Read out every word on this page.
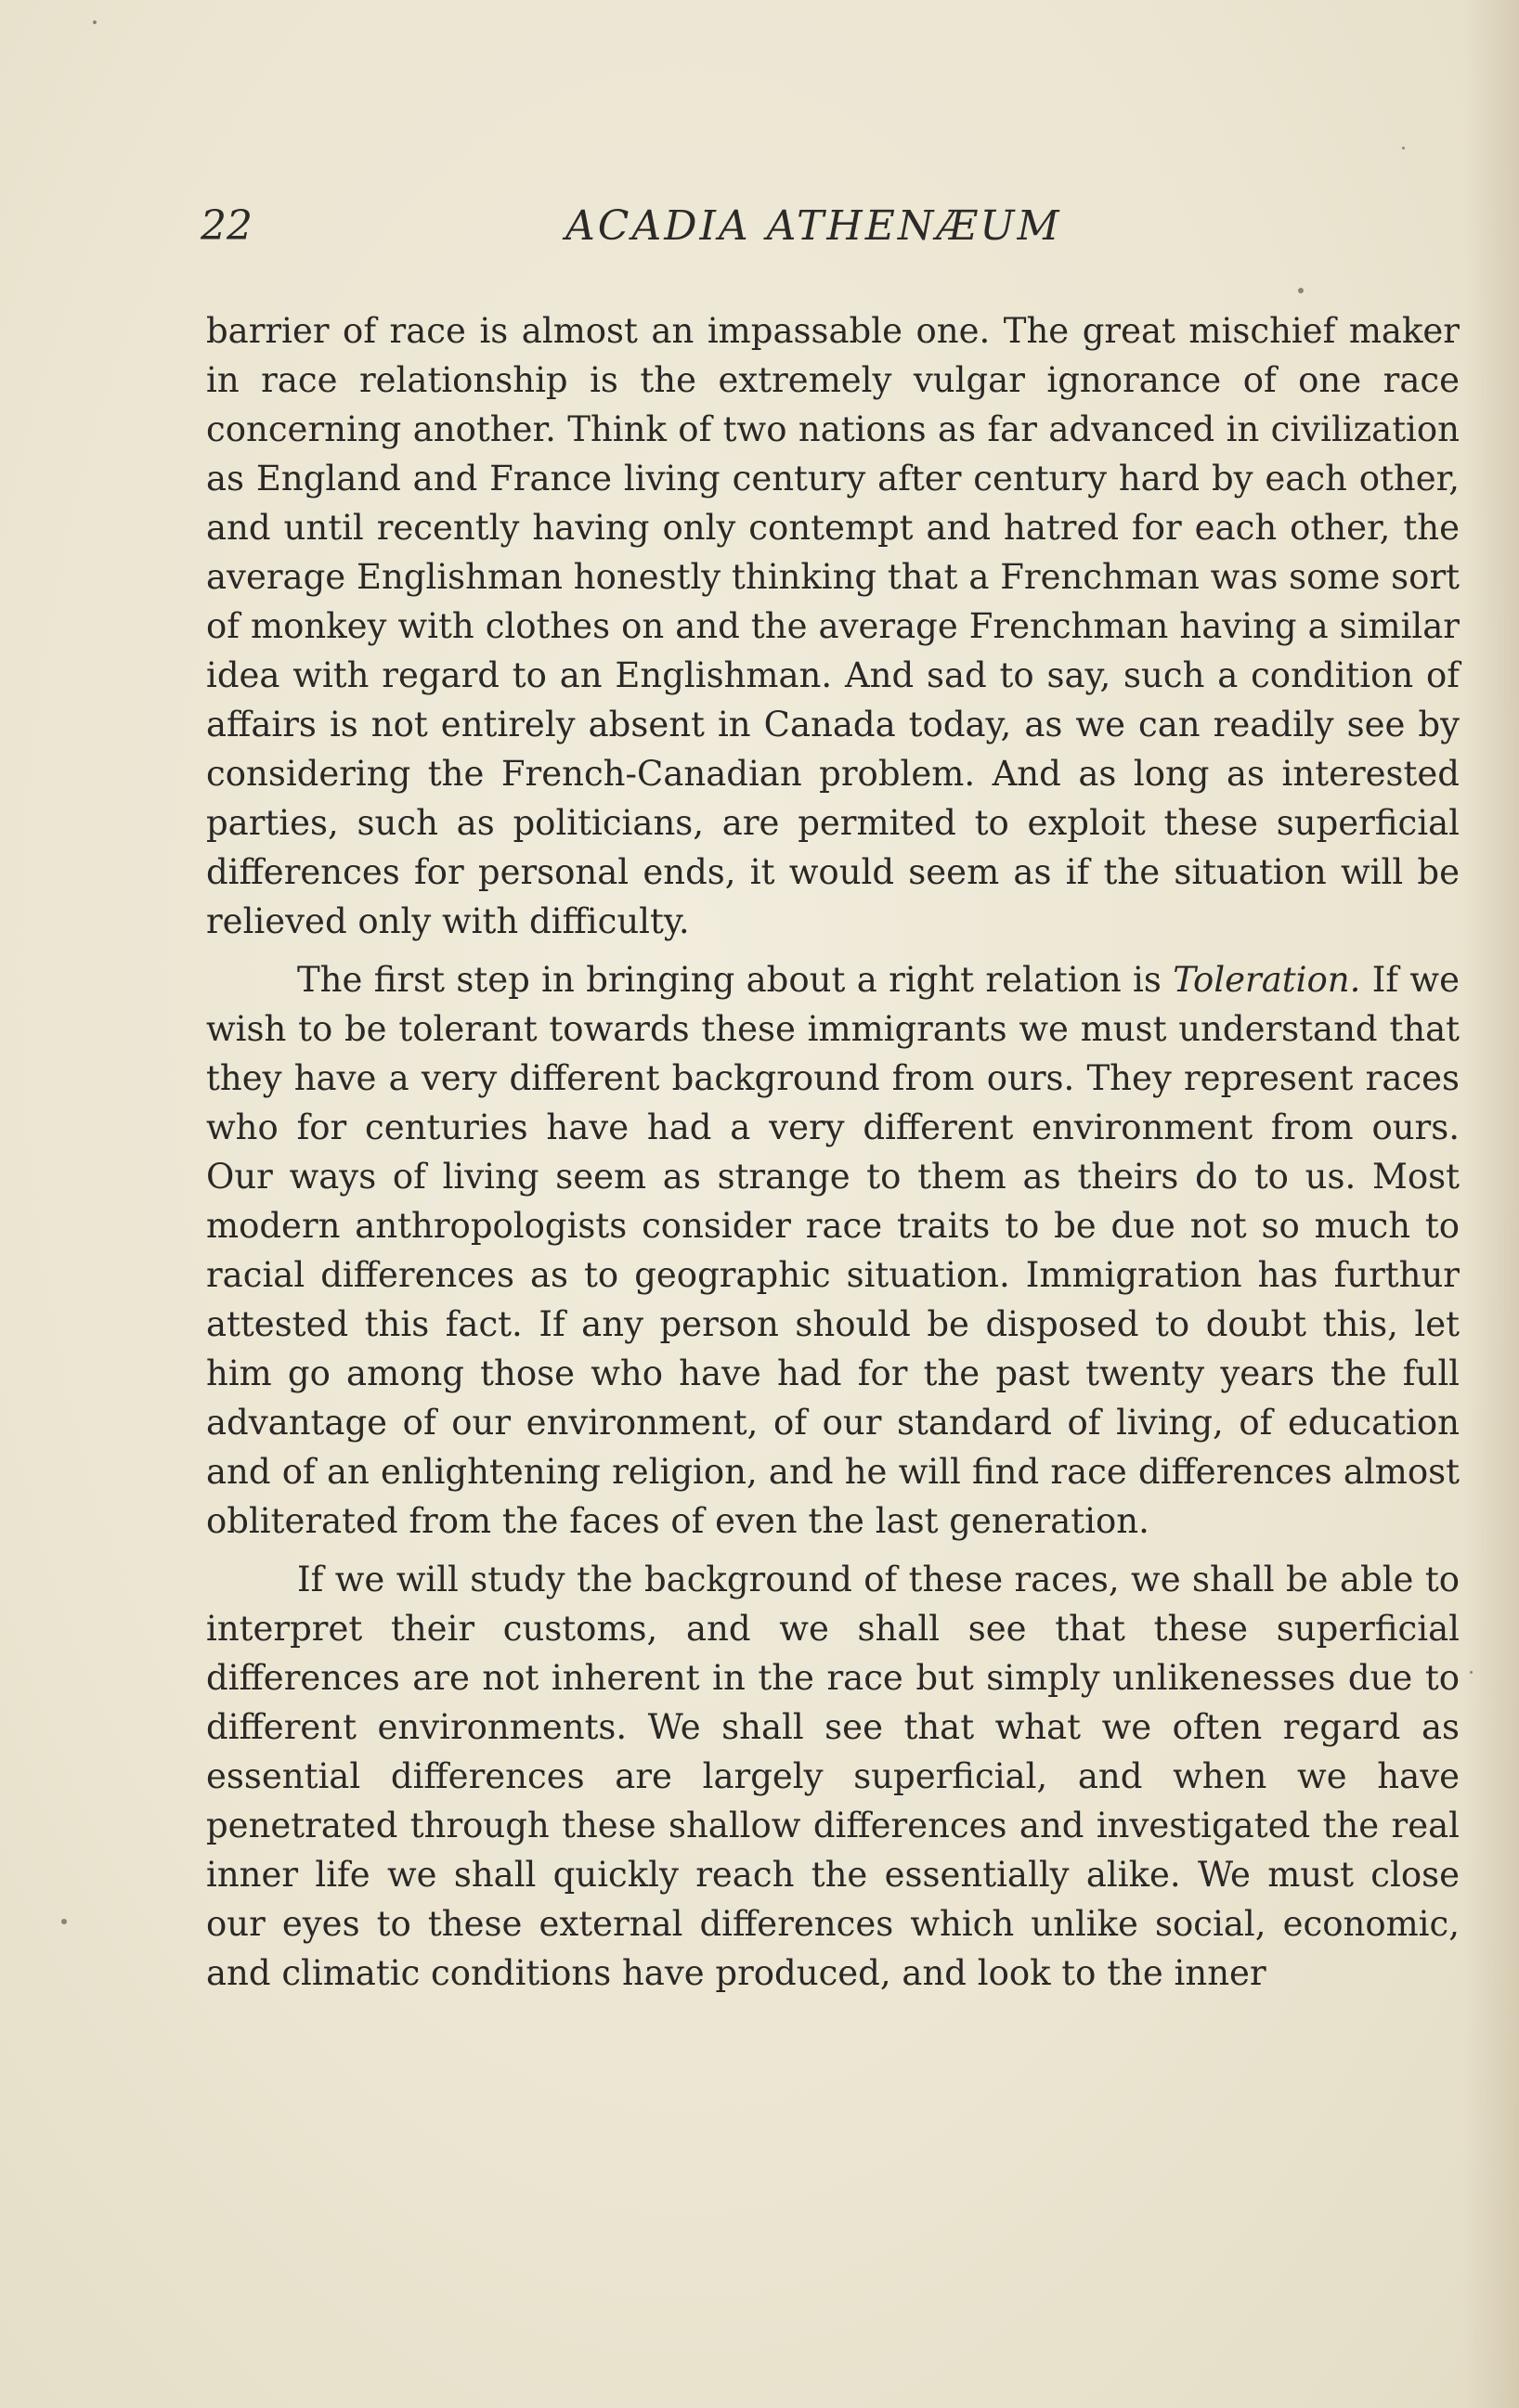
22	ACADIA ATHENÆUM

barrier of race is almost an impassable one. The great mischief maker in race relationship is the extremely vulgar ignorance of one race concerning another. Think of two nations as far advanced in civilization as England and France living century after century hard by each other, and until recently having only contempt and hatred for each other, the average Englishman honestly thinking that a Frenchman was some sort of monkey with clothes on and the average Frenchman having a similar idea with regard to an Englishman. And sad to say, such a condition of affairs is not entirely absent in Canada today, as we can readily see by considering the French-Canadian problem. And as long as interested parties, such as politicians, are permited to exploit these superficial differences for personal ends, it would seem as if the situation will be relieved only with difficulty.

The first step in bringing about a right relation is Toleration. If we wish to be tolerant towards these immigrants we must understand that they have a very different background from ours. They represent races who for centuries have had a very different environment from ours. Our ways of living seem as strange to them as theirs do to us. Most modern anthropologists consider race traits to be due not so much to racial differences as to geographic situation. Immigration has furthur attested this fact. If any person should be disposed to doubt this, let him go among those who have had for the past twenty years the full advantage of our environment, of our standard of living, of education and of an enlightening religion, and he will find race differences almost obliterated from the faces of even the last generation.

If we will study the background of these races, we shall be able to interpret their customs, and we shall see that these superficial differences are not inherent in the race but simply unlikenesses due to different environments. We shall see that what we often regard as essential differences are largely superficial, and when we have penetrated through these shallow differences and investigated the real inner life we shall quickly reach the essentially alike. We must close our eyes to these external differences which unlike social, economic, and climatic conditions have produced, and look to the inner
